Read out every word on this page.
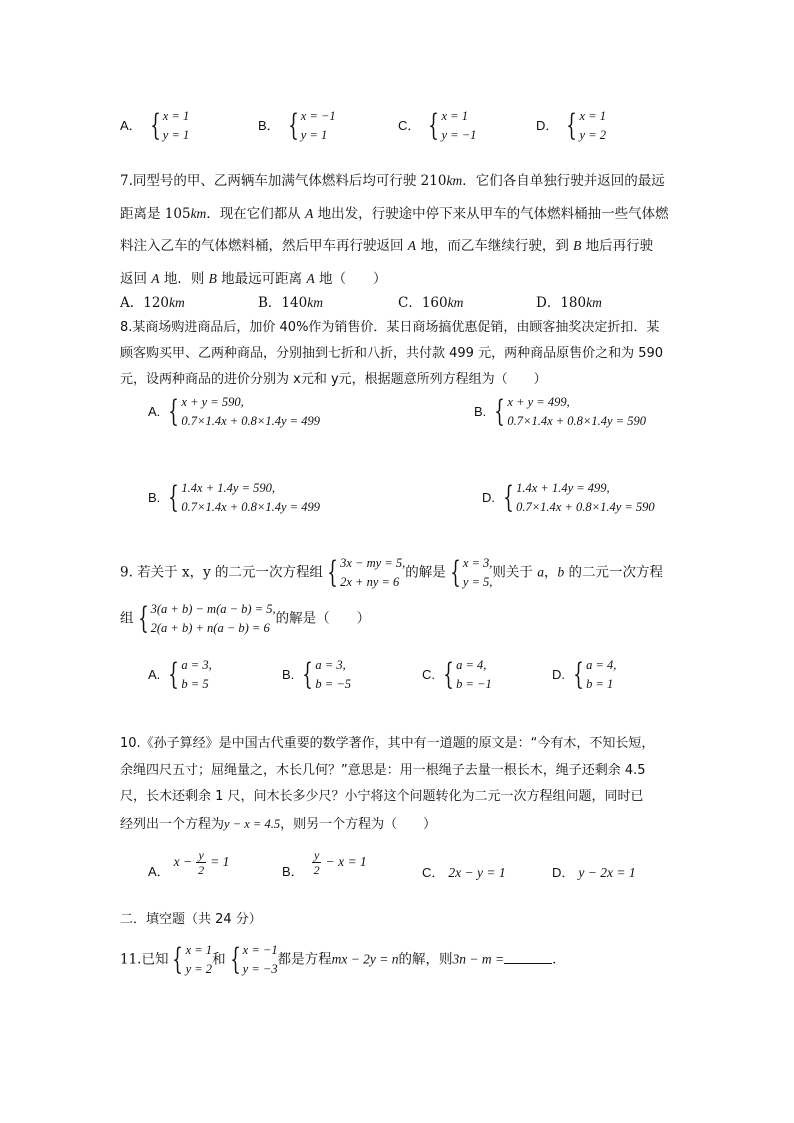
A． { x = 1
y = 1
B． { x = −1
y = 1
C． { x = 1
y = −1
D． { x = 1
y = 2
7.同型号的甲、乙两辆车加满气体燃料后均可行驶 210km．它们各自单独行驶并返回的最远
距离是 105km．现在它们都从 A 地出发，行驶途中停下来从甲车的气体燃料桶抽一些气体燃
料注入乙车的气体燃料桶，然后甲车再行驶返回 A 地，而乙车继续行驶，到 B 地后再行驶
返回 A 地．则 B 地最远可距离 A 地（　　）
A．120km	B．140km	C．160km	D．180km
8.某商场购进商品后，加价 40%作为销售价．某日商场搞优惠促销，由顾客抽奖决定折扣．某
顾客购买甲、乙两种商品，分别抽到七折和八折，共付款 499 元，两种商品原售价之和为 590
元，设两种商品的进价分别为 x元和 y元，根据题意所列方程组为（　　）
A. { x + y = 590,
0.7×1.4x + 0.8×1.4y = 499
B. { x + y = 499,
0.7×1.4x + 0.8×1.4y = 590
B. { 1.4x + 1.4y = 590,
0.7×1.4x + 0.8×1.4y = 499
D. { 1.4x + 1.4y = 499,
0.7×1.4x + 0.8×1.4y = 590
9. 若关于 x，y 的二元一次方程组 { 3x − my = 5,
2x + ny = 6
的解是 { x = 3,
y = 5,
则关于 a，b 的二元一次方程
组 { 3(a + b) − m(a − b) = 5,
2(a + b) + n(a − b) = 6
的解是（　　）
A. { a = 3,
b = 5
B. { a = 3,
b = −5
C. { a = 4,
b = −1
D. { a = 4,
b = 1
10.《孙子算经》是中国古代重要的数学著作，其中有一道题的原文是：“今有木，不知长短，
余绳四尺五寸；屈绳量之，木长几何？”意思是：用一根绳子去量一根长木，绳子还剩余 4.5
尺，长木还剩余 1 尺，问木长多少尺？小宁将这个问题转化为二元一次方程组问题，同时已
经列出一个方程为y − x = 4.5，则另一个方程为（　　）
A．$x - \frac{y}{2} = 1$
B． $\frac{y}{2} - x = 1$
C． 2x − y = 1	D． y − 2x = 1
二．填空题（共 24 分）
11.已知 { x = 1
y = 2
和 { x = −1
y = −3
都是方程mx − 2y = n的解，则3n − m =	．
